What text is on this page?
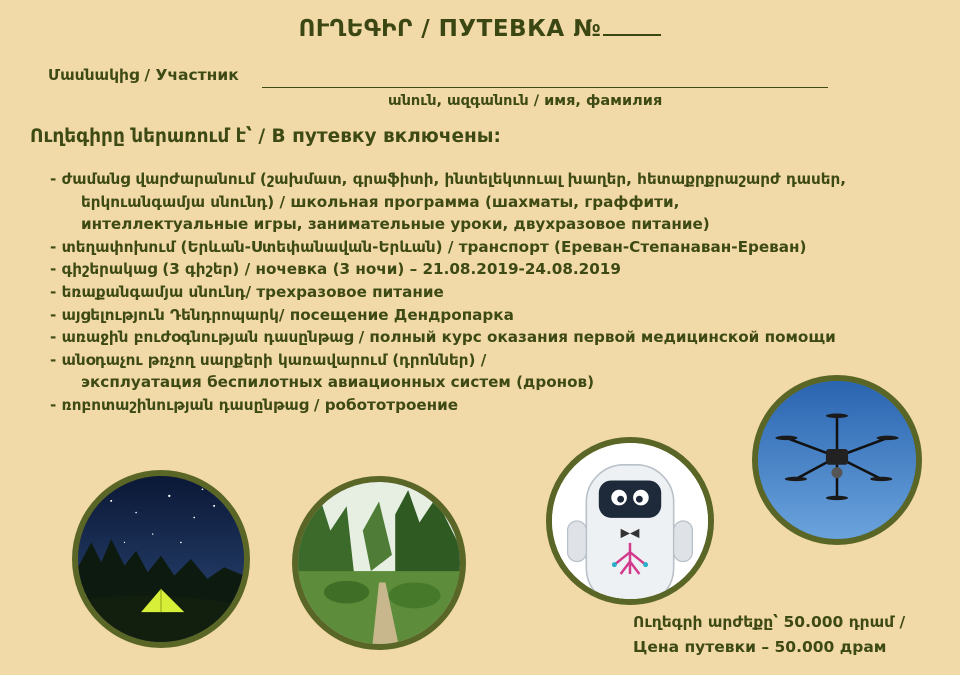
ՈՒՂԵԳԻՐ / ПУТЕВКА №
Մասնակից / Участник
անուն, ազգանուն / имя, фамилия
Ուղեգիրը ներառում է՝ / В путевку включены:
- ժամանց վարժարանում (շախմատ, գրաֆիտի, ինտելեկտուալ խաղեր, հետաքրքրաշարժ դասեր,
երկուանգամյա սնունդ) / школьная программа (шахматы, граффити,
интеллектуальные игры, занимательные уроки, двухразовое питание)
- տեղափոխում (Երևան-Ստեփանավան-Երևան) / транспорт (Ереван-Степанаван-Ереван)
- գիշերակաց (3 գիշեր) / ночевка (3 ночи) – 21.08.2019-24.08.2019
- եռաքանգամյա սնունդ/ трехразовое питание
- այցելություն Դենդրոպարկ/ посещение Дендропарка
- առաջին բուժօգնության դասընթաց / полный курс оказания первой медицинской помощи
- անօդաչու թռչող սարքերի կառավարում (դրոններ) /
эксплуатация беспилотных авиационных систем (дронов)
- ռոբոտաշինության դասընթաց / робототроение
Ուղեգրի արժեքը՝ 50.000 դրամ /
Цена путевки – 50.000 драм
